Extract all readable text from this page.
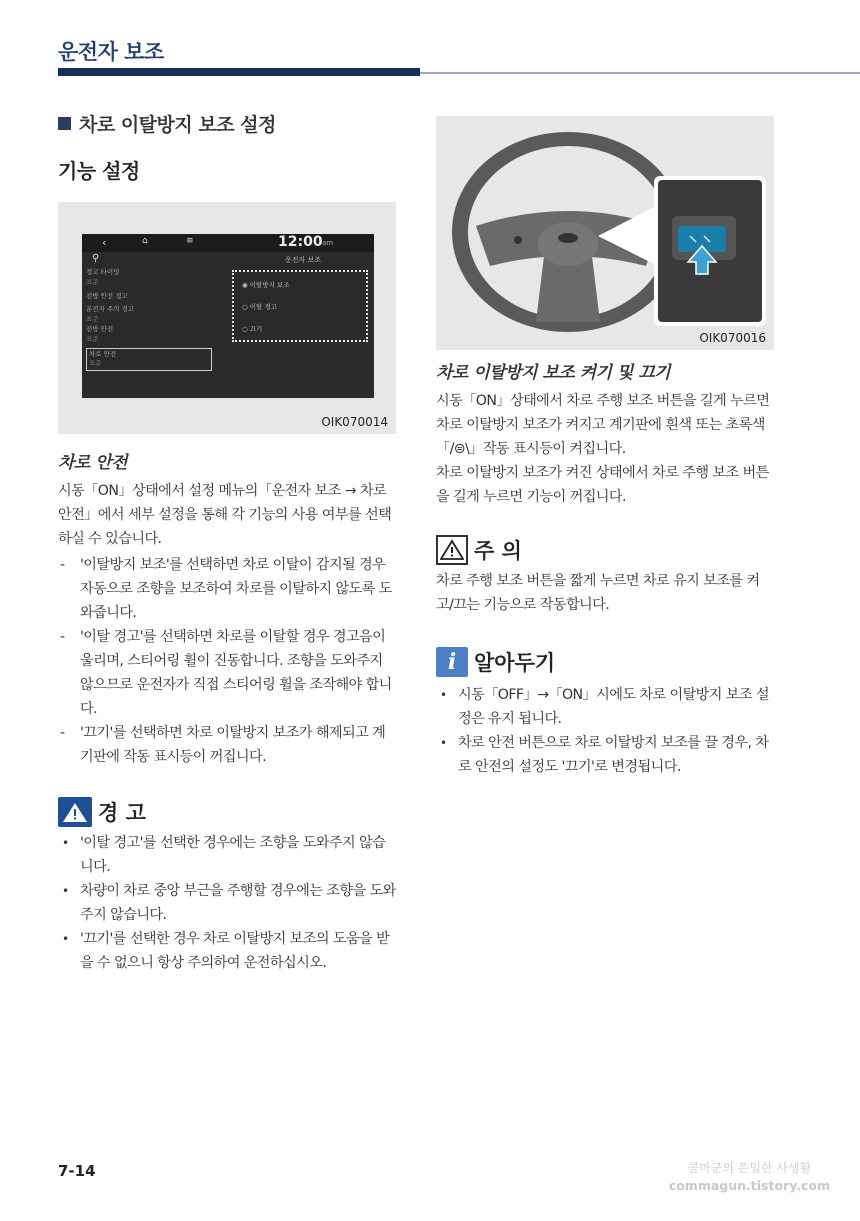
운전자 보조
차로 이탈방지 보조 설정
기능 설정
‹	⌂	≡	12:00 am
⚲	운전자 보조
경고 타이밍
표준
전방 안전 경고
운전자 주의 경고
표준
전방 안전
표준
차로 안전
표준
◉ 이탈방지 보조
○ 이탈 경고
○ 끄기
OIK070014
차로 안전

시동「ON」상태에서 설정 메뉴의「운전자 보조 → 차로 안전」에서 세부 설정을 통해 각 기능의 사용 여부를 선택하실 수 있습니다.

- '이탈방지 보조'를 선택하면 차로 이탈이 감지될 경우 자동으로 조향을 보조하여 차로를 이탈하지 않도록 도와줍니다.
- '이탈 경고'를 선택하면 차로를 이탈할 경우 경고음이 울리며, 스티어링 휠이 진동합니다. 조향을 도와주지 않으므로 운전자가 직접 스티어링 휠을 조작해야 합니다.
- '끄기'를 선택하면 차로 이탈방지 보조가 해제되고 계기판에 작동 표시등이 꺼집니다.
경 고
• '이탈 경고'를 선택한 경우에는 조향을 도와주지 않습니다.
• 차량이 차로 중앙 부근을 주행할 경우에는 조향을 도와주지 않습니다.
• '끄기'를 선택한 경우 차로 이탈방지 보조의 도움을 받을 수 없으니 항상 주의하여 운전하십시오.
OIK070016
차로 이탈방지 보조 켜기 및 끄기

시동「ON」상태에서 차로 주행 보조 버튼을 길게 누르면 차로 이탈방지 보조가 켜지고 계기판에 흰색 또는 초록색「/⊜\」작동 표시등이 켜집니다.

차로 이탈방지 보조가 켜진 상태에서 차로 주행 보조 버튼을 길게 누르면 기능이 꺼집니다.

주 의

차로 주행 보조 버튼을 짧게 누르면 차로 유지 보조를 켜고/끄는 기능으로 작동합니다.

i 알아두기
• 시동「OFF」→「ON」시에도 차로 이탈방지 보조 설정은 유지 됩니다.
• 차로 안전 버튼으로 차로 이탈방지 보조를 끌 경우, 차로 안전의 설정도 '끄기'로 변경됩니다.
7-14	콤마군의 은밀한 사생활
commagun.tistory.com
